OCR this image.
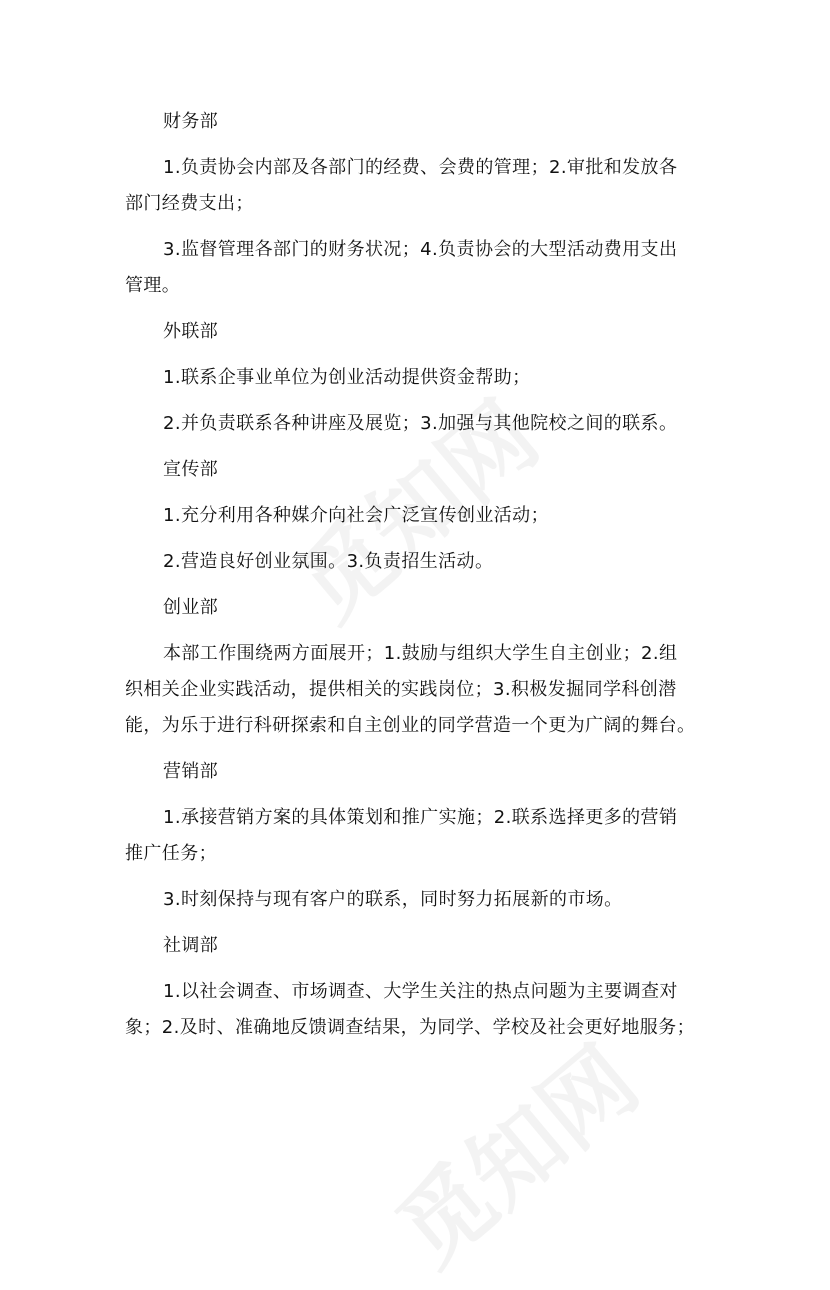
财务部
1.负责协会内部及各部门的经费、会费的管理；2.审批和发放各
部门经费支出；
3.监督管理各部门的财务状况；4.负责协会的大型活动费用支出
管理。
外联部
1.联系企事业单位为创业活动提供资金帮助；
2.并负责联系各种讲座及展览；3.加强与其他院校之间的联系。
宣传部
1.充分利用各种媒介向社会广泛宣传创业活动；
2.营造良好创业氛围。3.负责招生活动。
创业部
本部工作围绕两方面展开；1.鼓励与组织大学生自主创业；2.组
织相关企业实践活动，提供相关的实践岗位；3.积极发掘同学科创潜
能，为乐于进行科研探索和自主创业的同学营造一个更为广阔的舞台。
营销部
1.承接营销方案的具体策划和推广实施；2.联系选择更多的营销
推广任务；
3.时刻保持与现有客户的联系，同时努力拓展新的市场。
社调部
1.以社会调查、市场调查、大学生关注的热点问题为主要调查对
象；2.及时、准确地反馈调查结果，为同学、学校及社会更好地服务；
